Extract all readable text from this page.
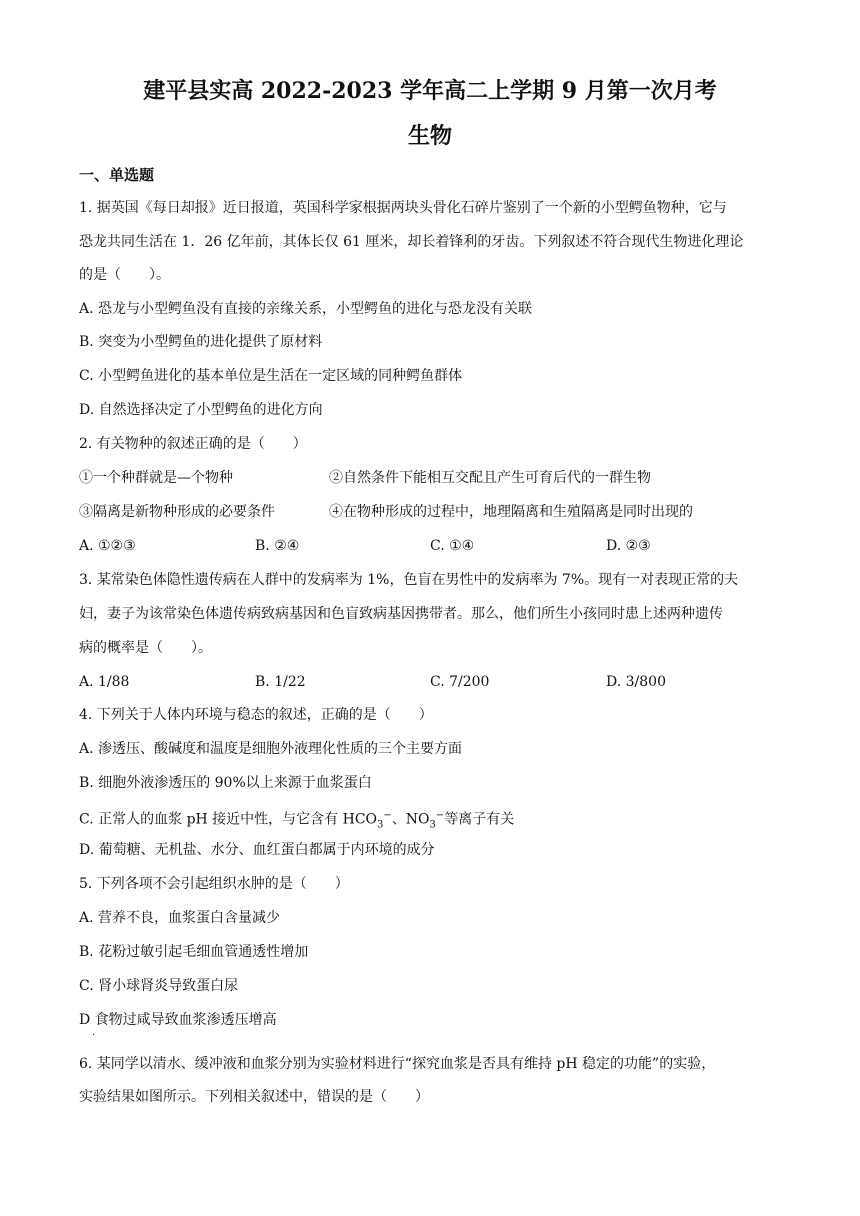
建平县实高 2022-2023 学年高二上学期 9 月第一次月考
生物
一、单选题
1. 据英国《每日却报》近日报道，英国科学家根据两块头骨化石碎片鉴别了一个新的小型鳄鱼物种，它与
恐龙共同生活在 1．26 亿年前，其体长仅 61 厘米，却长着锋利的牙齿。下列叙述不符合现代生物进化理论
的是（　　）。
A. 恐龙与小型鳄鱼没有直接的亲缘关系，小型鳄鱼的进化与恐龙没有关联
B. 突变为小型鳄鱼的进化提供了原材料
C. 小型鳄鱼进化的基本单位是生活在一定区域的同种鳄鱼群体
D. 自然选择决定了小型鳄鱼的进化方向
2. 有关物种的叙述正确的是（　　）
①一个种群就是—个物种	②自然条件下能相互交配且产生可育后代的一群生物
③隔离是新物种形成的必要条件	④在物种形成的过程中，地理隔离和生殖隔离是同时出现的
A. ①②③	B. ②④	C. ①④	D. ②③
3. 某常染色体隐性遗传病在人群中的发病率为 1%，色盲在男性中的发病率为 7%。现有一对表现正常的夫
妇，妻子为该常染色体遗传病致病基因和色盲致病基因携带者。那么，他们所生小孩同时患上述两种遗传
病的概率是（　　）。
A. 1/88	B. 1/22	C. 7/200	D. 3/800
4. 下列关于人体内环境与稳态的叙述，正确的是（　　）
A. 渗透压、酸碱度和温度是细胞外液理化性质的三个主要方面
B. 细胞外液渗透压的 90%以上来源于血浆蛋白
C. 正常人的血浆 pH 接近中性，与它含有 $HCO_3^-$、$NO_3^-$等离子有关
D. 葡萄糖、无机盐、水分、血红蛋白都属于内环境的成分
5. 下列各项不会引起组织水肿的是（　　）
A. 营养不良，血浆蛋白含量减少
B. 花粉过敏引起毛细血管通透性增加
C. 肾小球肾炎导致蛋白尿
D 食物过咸导致血浆渗透压增高
.
6. 某同学以清水、缓冲液和血浆分别为实验材料进行“探究血浆是否具有维持 pH 稳定的功能”的实验，
实验结果如图所示。下列相关叙述中，错误的是（　　）
